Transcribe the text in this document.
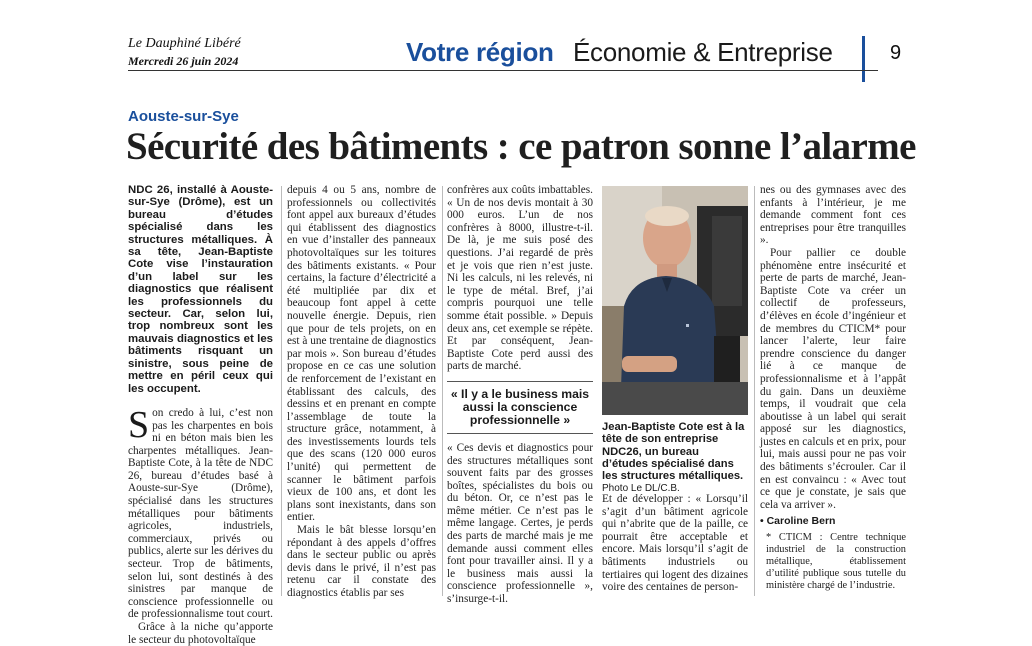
Le Dauphiné Libéré
Mercredi 26 juin 2024	Votre région Économie & Entreprise	9
Aouste-sur-Sye
Sécurité des bâtiments : ce patron sonne l’alarme

NDC 26, installé à Aouste-sur-Sye (Drôme), est un bureau d’études spécialisé dans les structures métalliques. À sa tête, Jean-Baptiste Cote vise l’instauration d’un label sur les diagnostics que réalisent les professionnels du secteur. Car, selon lui, trop nombreux sont les mauvais diagnostics et les bâtiments risquant un sinistre, sous peine de mettre en péril ceux qui les occupent.

Son credo à lui, c’est non pas les charpentes en bois ni en béton mais bien les charpentes métalliques. Jean-Baptiste Cote, à la tête de NDC 26, bureau d’études basé à Aouste-sur-Sye (Drôme), spécialisé dans les structures métalliques pour bâtiments agricoles, industriels, commerciaux, privés ou publics, alerte sur les dérives du secteur. Trop de bâtiments, selon lui, sont destinés à des sinistres par manque de conscience professionnelle ou de professionnalisme tout court.

Grâce à la niche qu’apporte le secteur du photovoltaïque

depuis 4 ou 5 ans, nombre de professionnels ou collectivités font appel aux bureaux d’études qui établissent des diagnostics en vue d’installer des panneaux photovoltaïques sur les toitures des bâtiments existants. « Pour certains, la facture d’électricité a été multipliée par dix et beaucoup font appel à cette nouvelle énergie. Depuis, rien que pour de tels projets, on en est à une trentaine de diagnostics par mois ». Son bureau d’études propose en ce cas une solution de renforcement de l’existant en établissant des calculs, des dessins et en prenant en compte l’assemblage de toute la structure grâce, notamment, à des investissements lourds tels que des scans (120 000 euros l’unité) qui permettent de scanner le bâtiment parfois vieux de 100 ans, et dont les plans sont inexistants, dans son entier.

Mais le bât blesse lorsqu’en répondant à des appels d’offres dans le secteur public ou après devis dans le privé, il n’est pas retenu car il constate des diagnostics établis par ses

confrères aux coûts imbattables. « Un de nos devis montait à 30 000 euros. L’un de nos confrères à 8000, illustre-t-il. De là, je me suis posé des questions. J’ai regardé de près et je vois que rien n’est juste. Ni les calculs, ni les relevés, ni le type de métal. Bref, j’ai compris pourquoi une telle somme était possible. » Depuis deux ans, cet exemple se répète. Et par conséquent, Jean-Baptiste Cote perd aussi des parts de marché.

« Il y a le business mais aussi la conscience professionnelle »

« Ces devis et diagnostics pour des structures métalliques sont souvent faits par des grosses boîtes, spécialistes du bois ou du béton. Or, ce n’est pas le même métier. Ce n’est pas le même langage. Certes, je perds des parts de marché mais je me demande aussi comment elles font pour travailler ainsi. Il y a le business mais aussi la conscience professionnelle », s’insurge-t-il.

Jean-Baptiste Cote est à la tête de son entreprise NDC26, un bureau d’études spécialisé dans les structures métalliques. Photo Le DL/C.B.

Et de développer : « Lorsqu’il s’agit d’un bâtiment agricole qui n’abrite que de la paille, ce pourrait être acceptable et encore. Mais lorsqu’il s’agit de bâtiments industriels ou tertiaires qui logent des dizaines voire des centaines de person-

nes ou des gymnases avec des enfants à l’intérieur, je me demande comment font ces entreprises pour être tranquilles ».

Pour pallier ce double phénomène entre insécurité et perte de parts de marché, Jean-Baptiste Cote va créer un collectif de professeurs, d’élèves en école d’ingénieur et de membres du CTICM* pour lancer l’alerte, leur faire prendre conscience du danger lié à ce manque de professionnalisme et à l’appât du gain. Dans un deuxième temps, il voudrait que cela aboutisse à un label qui serait apposé sur les diagnostics, justes en calculs et en prix, pour lui, mais aussi pour ne pas voir des bâtiments s’écrouler. Car il en est convaincu : « Avec tout ce que je constate, je sais que cela va arriver ».

• Caroline Bern
* CTICM : Centre technique industriel de la construction métallique, établissement d’utilité publique sous tutelle du ministère chargé de l’industrie.
